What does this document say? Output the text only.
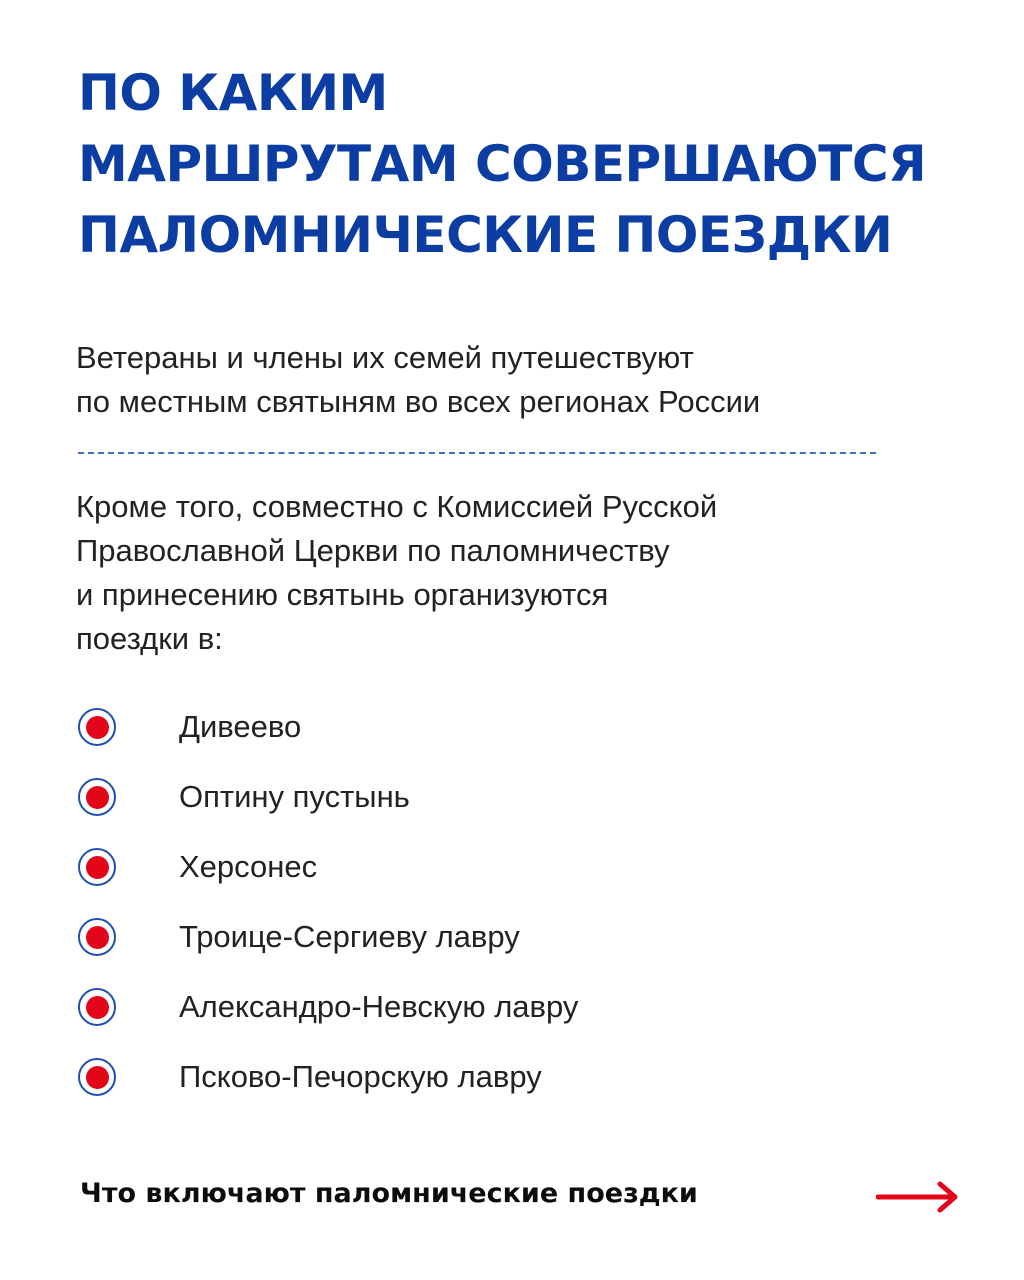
ПО КАКИМ
МАРШРУТАМ СОВЕРШАЮТСЯ
ПАЛОМНИЧЕСКИЕ ПОЕЗДКИ
Ветераны и члены их семей путешествуют
по местным святыням во всех регионах России
Кроме того, совместно с Комиссией Русской
Православной Церкви по паломничеству
и принесению святынь организуются
поездки в:
Дивеево
Оптину пустынь
Херсонес
Троице-Сергиеву лавру
Александро-Невскую лавру
Псково-Печорскую лавру
Что включают паломнические поездки
